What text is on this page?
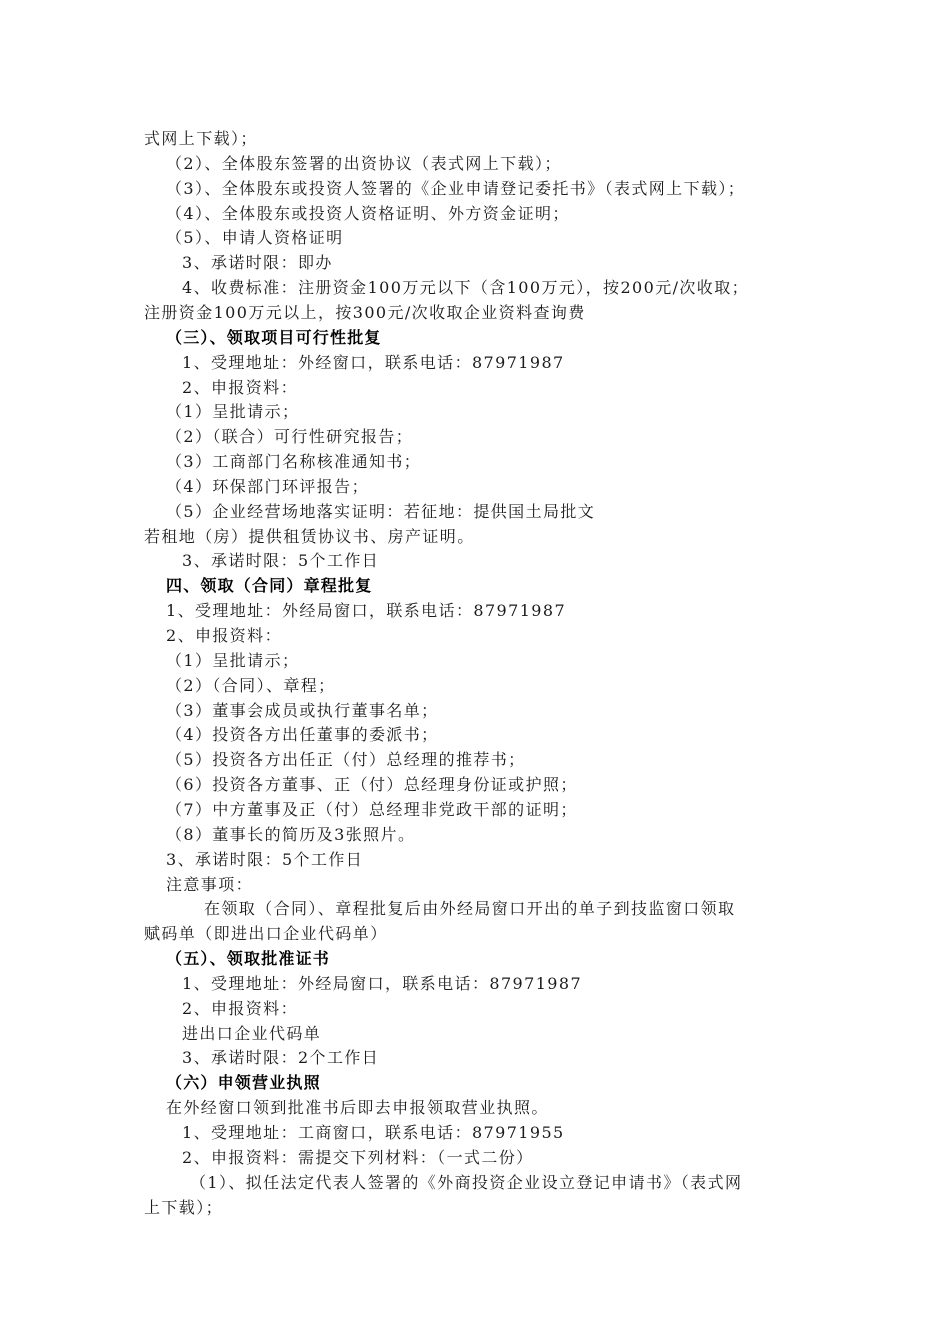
式网上下载）；
（2）、全体股东签署的出资协议（表式网上下载）；
（3）、全体股东或投资人签署的《企业申请登记委托书》（表式网上下载）；
（4）、全体股东或投资人资格证明、外方资金证明；
（5）、申请人资格证明
3、承诺时限：即办
4、收费标准：注册资金100万元以下（含100万元），按200元/次收取；
注册资金100万元以上，按300元/次收取企业资料查询费
（三）、领取项目可行性批复
1、受理地址：外经窗口，联系电话：87971987
2、申报资料：
（1）呈批请示；
（2）（联合）可行性研究报告；
（3）工商部门名称核准通知书；
（4）环保部门环评报告；
（5）企业经营场地落实证明：若征地：提供国土局批文
若租地（房）提供租赁协议书、房产证明。
3、承诺时限：5个工作日
四、领取（合同）章程批复
1、受理地址：外经局窗口，联系电话：87971987
2、申报资料：
（1）呈批请示；
（2）（合同）、章程；
（3）董事会成员或执行董事名单；
（4）投资各方出任董事的委派书；
（5）投资各方出任正（付）总经理的推荐书；
（6）投资各方董事、正（付）总经理身份证或护照；
（7）中方董事及正（付）总经理非党政干部的证明；
（8）董事长的简历及3张照片。
3、承诺时限：5个工作日
注意事项：
在领取（合同）、章程批复后由外经局窗口开出的单子到技监窗口领取
赋码单（即进出口企业代码单）
（五）、领取批准证书
1、受理地址：外经局窗口，联系电话：87971987
2、申报资料：
进出口企业代码单
3、承诺时限：2个工作日
（六）申领营业执照
在外经窗口领到批准书后即去申报领取营业执照。
1、受理地址：工商窗口，联系电话：87971955
2、申报资料：需提交下列材料：（一式二份）
（1）、拟任法定代表人签署的《外商投资企业设立登记申请书》（表式网
上下载）；
